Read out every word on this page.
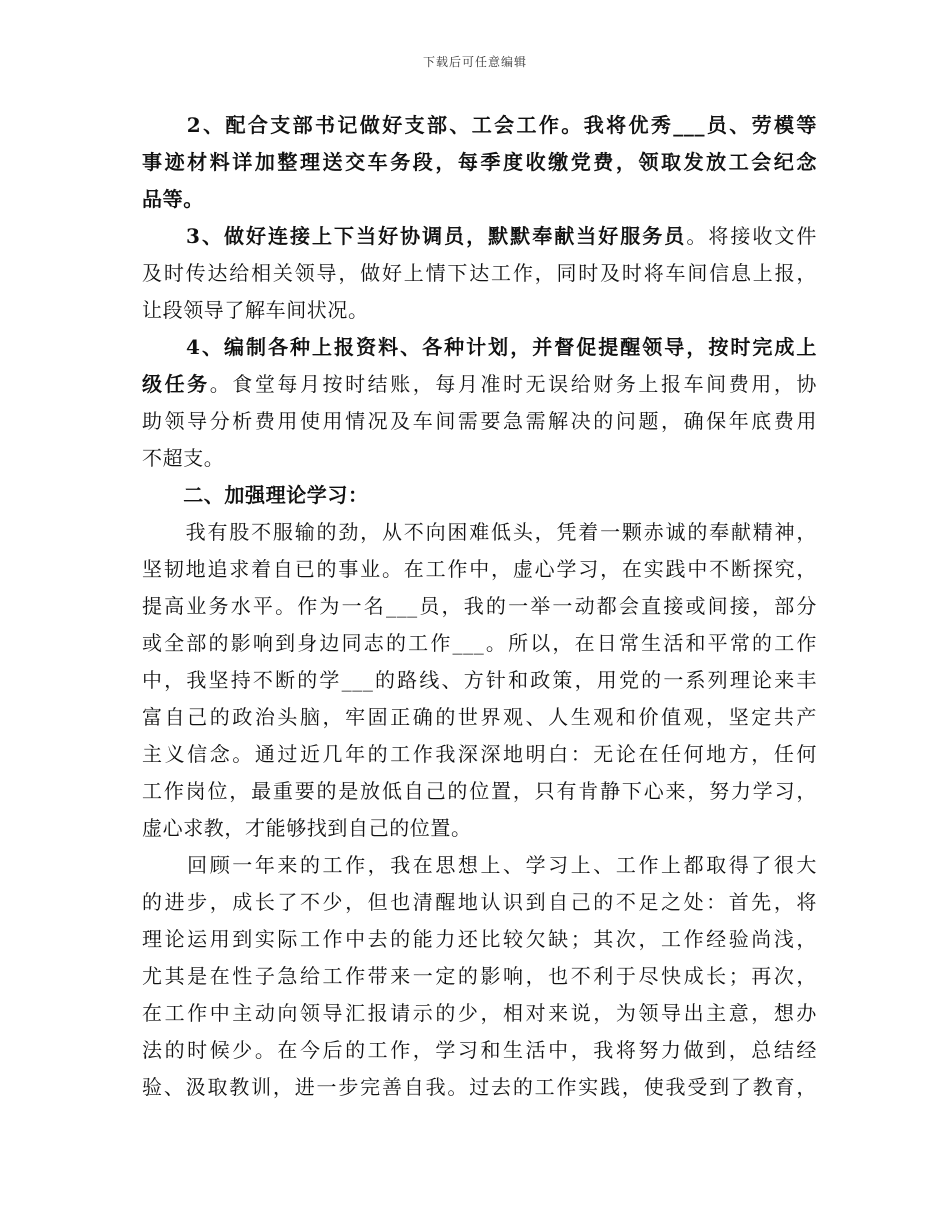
下载后可任意编辑
　　2、配合支部书记做好支部、工会工作。我将优秀___员、劳模等
事迹材料详加整理送交车务段，每季度收缴党费，领取发放工会纪念
品等。
　　3、做好连接上下当好协调员，默默奉献当好服务员。将接收文件
及时传达给相关领导，做好上情下达工作，同时及时将车间信息上报，
让段领导了解车间状况。
　　4、编制各种上报资料、各种计划，并督促提醒领导，按时完成上
级任务。食堂每月按时结账，每月准时无误给财务上报车间费用，协
助领导分析费用使用情况及车间需要急需解决的问题，确保年底费用
不超支。
　　二、加强理论学习：
　　我有股不服输的劲，从不向困难低头，凭着一颗赤诚的奉献精神，
坚韧地追求着自已的事业。在工作中，虚心学习，在实践中不断探究，
提高业务水平。作为一名___员，我的一举一动都会直接或间接，部分
或全部的影响到身边同志的工作___。所以，在日常生活和平常的工作
中，我坚持不断的学___的路线、方针和政策，用党的一系列理论来丰
富自己的政治头脑，牢固正确的世界观、人生观和价值观，坚定共产
主义信念。通过近几年的工作我深深地明白：无论在任何地方，任何
工作岗位，最重要的是放低自己的位置，只有肯静下心来，努力学习，
虚心求教，才能够找到自己的位置。
　　回顾一年来的工作，我在思想上、学习上、工作上都取得了很大
的进步，成长了不少，但也清醒地认识到自己的不足之处：首先，将
理论运用到实际工作中去的能力还比较欠缺；其次，工作经验尚浅，
尤其是在性子急给工作带来一定的影响，也不利于尽快成长；再次，
在工作中主动向领导汇报请示的少，相对来说，为领导出主意，想办
法的时候少。在今后的工作，学习和生活中，我将努力做到，总结经
验、汲取教训，进一步完善自我。过去的工作实践，使我受到了教育，
